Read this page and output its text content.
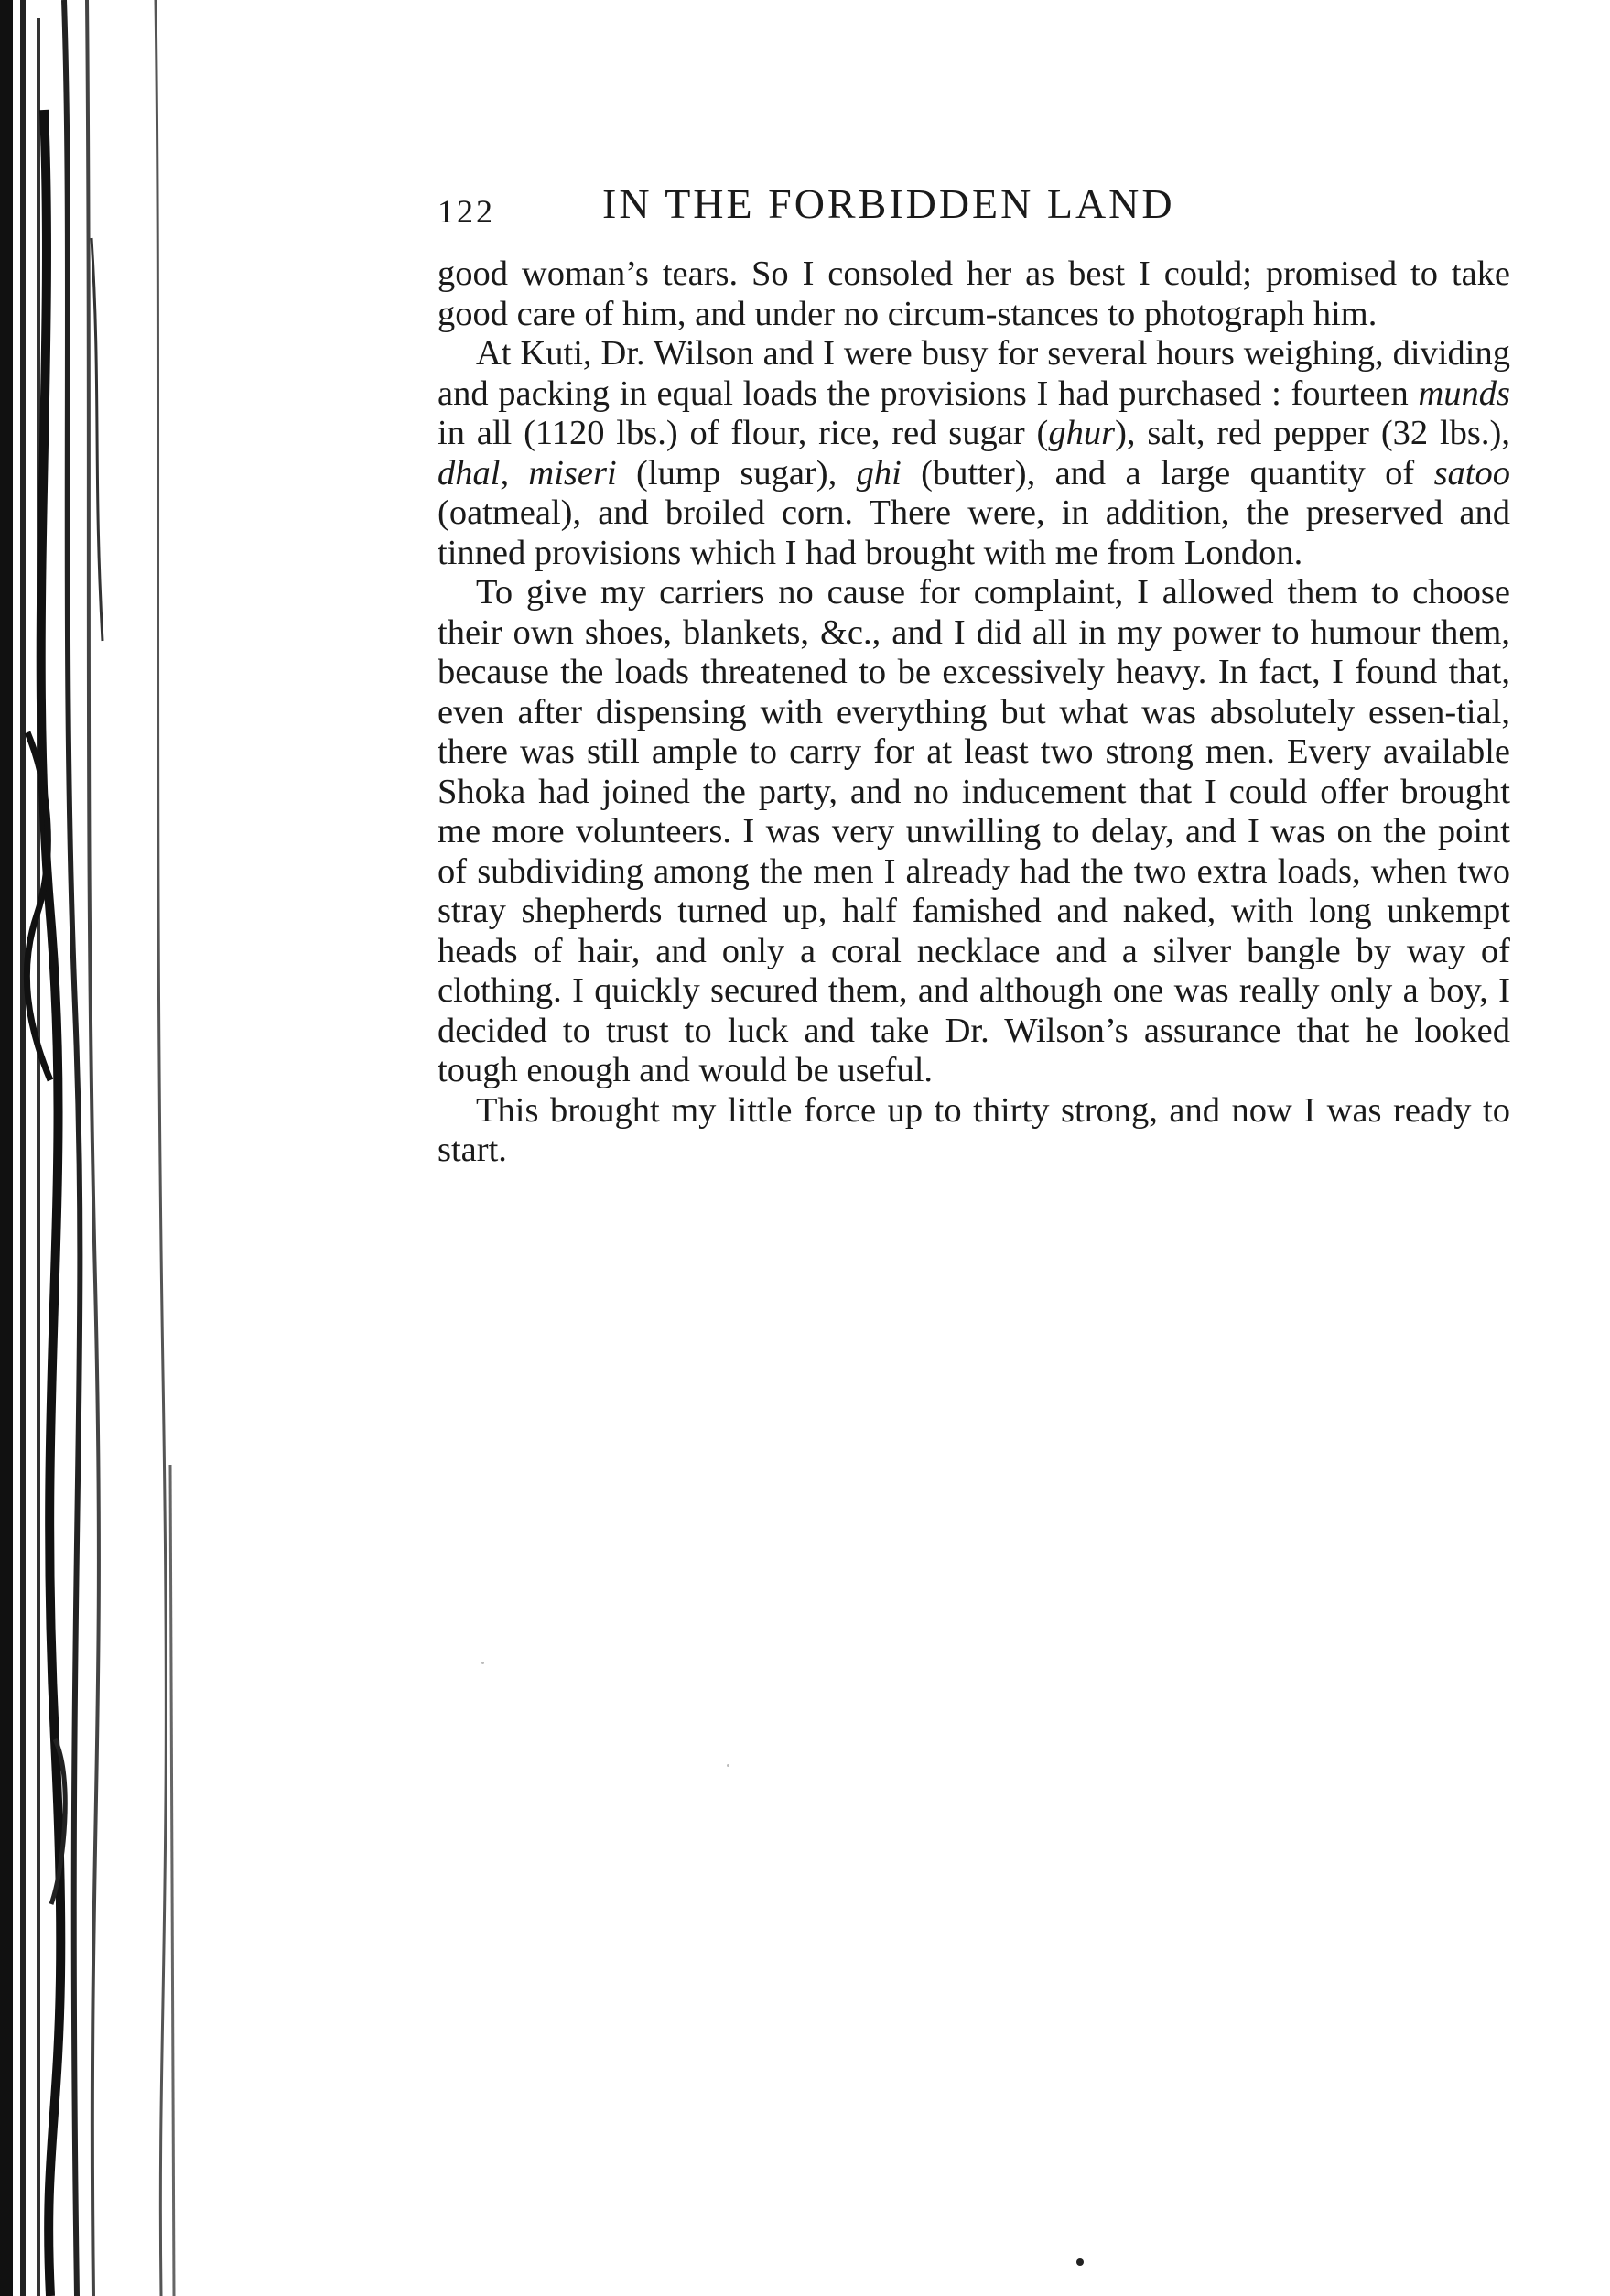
122	IN THE FORBIDDEN LAND

good woman’s tears. So I consoled her as best I could; promised to take good care of him, and under no circum-stances to photograph him.

At Kuti, Dr. Wilson and I were busy for several hours weighing, dividing and packing in equal loads the provisions I had purchased : fourteen munds in all (1120 lbs.) of flour, rice, red sugar (ghur), salt, red pepper (32 lbs.), dhal, miseri (lump sugar), ghi (butter), and a large quantity of satoo (oatmeal), and broiled corn. There were, in addition, the preserved and tinned provisions which I had brought with me from London.

To give my carriers no cause for complaint, I allowed them to choose their own shoes, blankets, &c., and I did all in my power to humour them, because the loads threatened to be excessively heavy. In fact, I found that, even after dispensing with everything but what was absolutely essen-tial, there was still ample to carry for at least two strong men. Every available Shoka had joined the party, and no inducement that I could offer brought me more volunteers. I was very unwilling to delay, and I was on the point of subdividing among the men I already had the two extra loads, when two stray shepherds turned up, half famished and naked, with long unkempt heads of hair, and only a coral necklace and a silver bangle by way of clothing. I quickly secured them, and although one was really only a boy, I decided to trust to luck and take Dr. Wilson’s assurance that he looked tough enough and would be useful.

This brought my little force up to thirty strong, and now I was ready to start.
